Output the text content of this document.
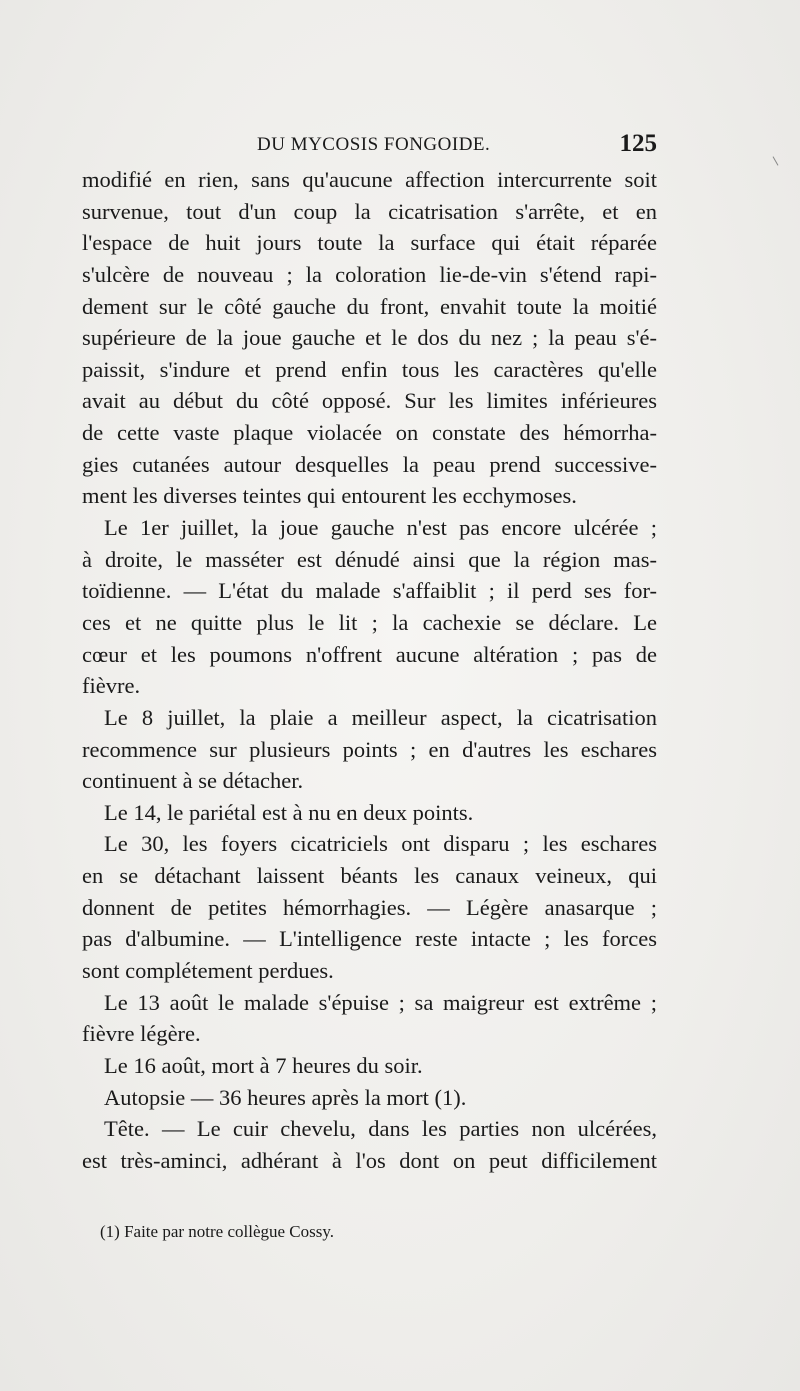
DU MYCOSIS FONGOIDE.	125
modifié en rien, sans qu'aucune affection intercurrente soit
survenue, tout d'un coup la cicatrisation s'arrête, et en
l'espace de huit jours toute la surface qui était réparée
s'ulcère de nouveau ; la coloration lie-de-vin s'étend rapi-
dement sur le côté gauche du front, envahit toute la moitié
supérieure de la joue gauche et le dos du nez ; la peau s'é-
paissit, s'indure et prend enfin tous les caractères qu'elle
avait au début du côté opposé. Sur les limites inférieures
de cette vaste plaque violacée on constate des hémorrha-
gies cutanées autour desquelles la peau prend successive-
ment les diverses teintes qui entourent les ecchymoses.
Le 1er juillet, la joue gauche n'est pas encore ulcérée ;
à droite, le masséter est dénudé ainsi que la région mas-
toïdienne. — L'état du malade s'affaiblit ; il perd ses for-
ces et ne quitte plus le lit ; la cachexie se déclare. Le
cœur et les poumons n'offrent aucune altération ; pas de
fièvre.
Le 8 juillet, la plaie a meilleur aspect, la cicatrisation
recommence sur plusieurs points ; en d'autres les eschares
continuent à se détacher.
Le 14, le pariétal est à nu en deux points.
Le 30, les foyers cicatriciels ont disparu ; les eschares
en se détachant laissent béants les canaux veineux, qui
donnent de petites hémorrhagies. — Légère anasarque ;
pas d'albumine. — L'intelligence reste intacte ; les forces
sont complétement perdues.
Le 13 août le malade s'épuise ; sa maigreur est extrême ;
fièvre légère.
Le 16 août, mort à 7 heures du soir.
Autopsie — 36 heures après la mort (1).
Tête. — Le cuir chevelu, dans les parties non ulcérées,
est très-aminci, adhérant à l'os dont on peut difficilement
(1) Faite par notre collègue Cossy.
